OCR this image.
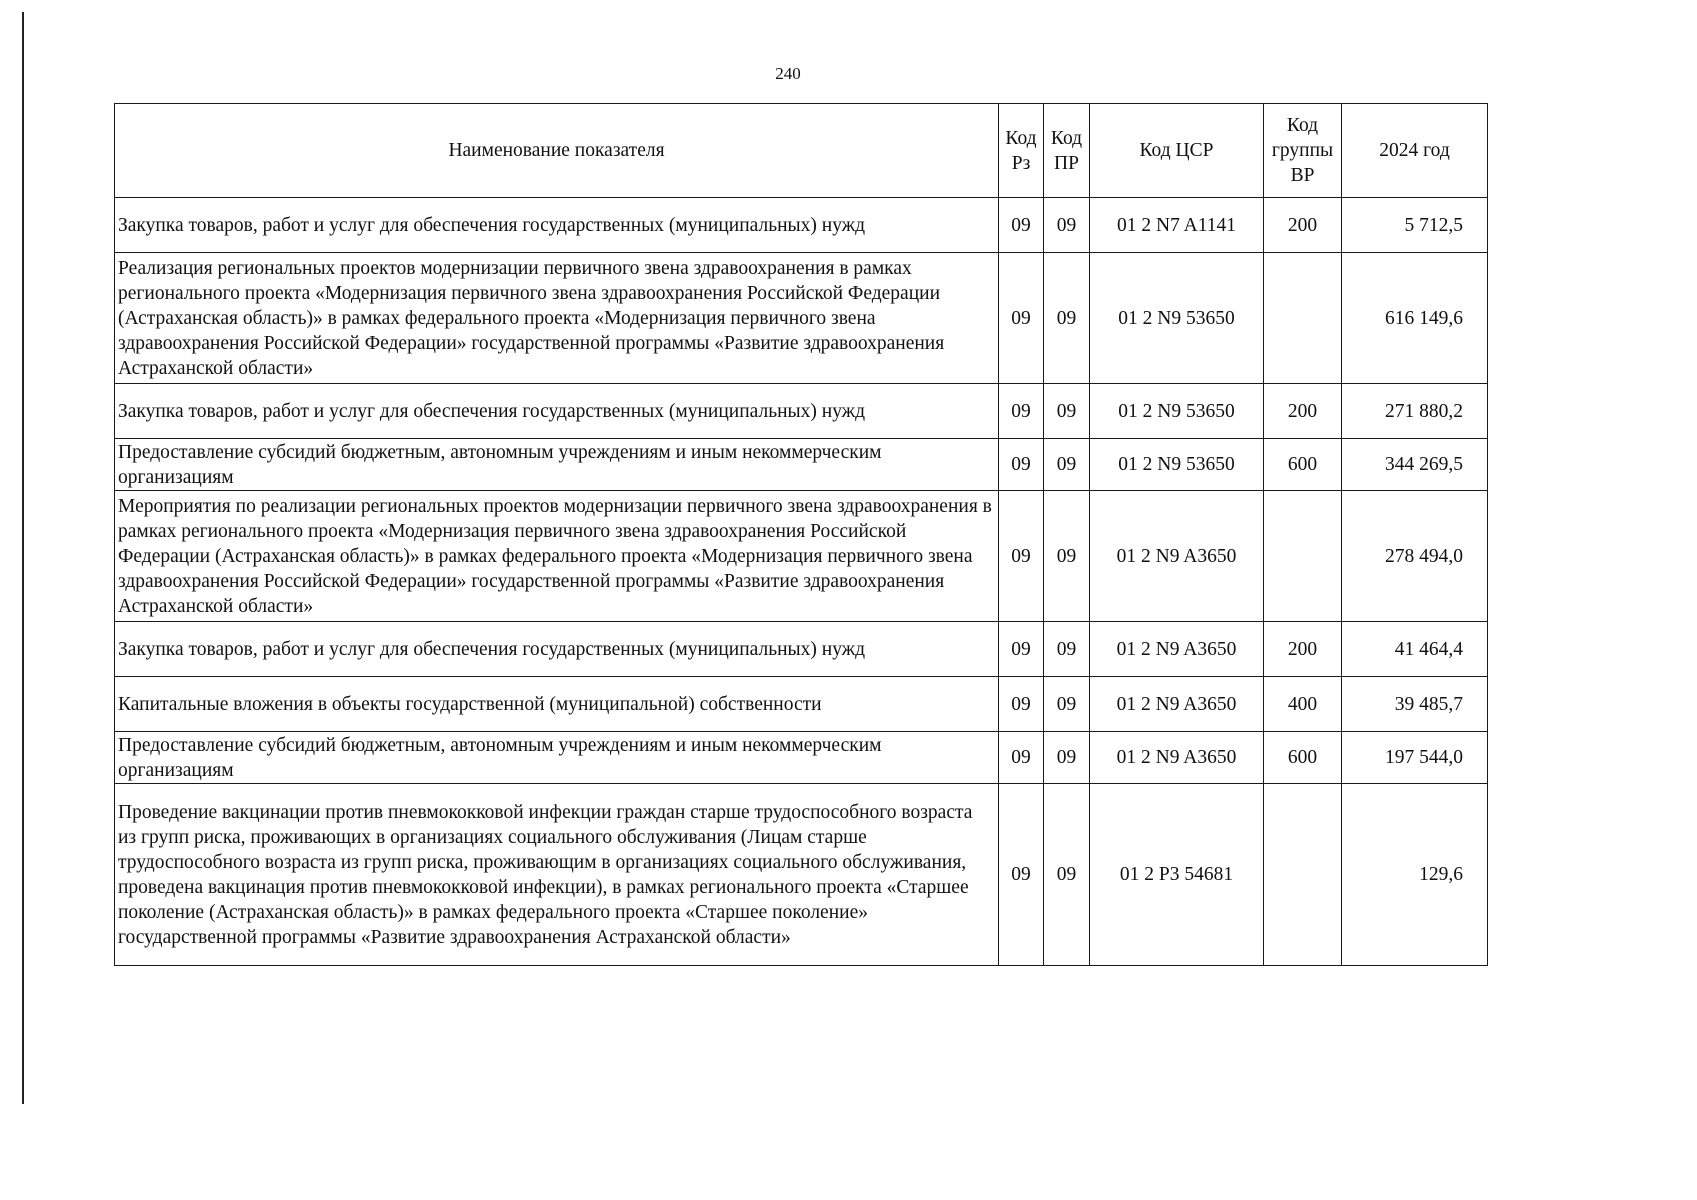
240
Наименование показателя	Код Рз	Код ПР	Код ЦСР	Код группы ВР	2024 год
Закупка товаров, работ и услуг для обеспечения государственных (муниципальных) нужд	09	09	01 2 N7 A1141	200	5 712,5
Реализация региональных проектов модернизации первичного звена здравоохранения в рамках регионального проекта «Модернизация первичного звена здравоохранения Российской Федерации (Астраханская область)» в рамках федерального проекта «Модернизация первичного звена здравоохранения Российской Федерации» государственной программы «Развитие здравоохранения Астраханской области»	09	09	01 2 N9 53650		616 149,6
Закупка товаров, работ и услуг для обеспечения государственных (муниципальных) нужд	09	09	01 2 N9 53650	200	271 880,2
Предоставление субсидий бюджетным, автономным учреждениям и иным некоммерческим организациям	09	09	01 2 N9 53650	600	344 269,5
Мероприятия по реализации региональных проектов модернизации первичного звена здравоохранения в рамках регионального проекта «Модернизация первичного звена здравоохранения Российской Федерации (Астраханская область)» в рамках федерального проекта «Модернизация первичного звена здравоохранения Российской Федерации» государственной программы «Развитие здравоохранения Астраханской области»	09	09	01 2 N9 A3650		278 494,0
Закупка товаров, работ и услуг для обеспечения государственных (муниципальных) нужд	09	09	01 2 N9 A3650	200	41 464,4
Капитальные вложения в объекты государственной (муниципальной) собственности	09	09	01 2 N9 A3650	400	39 485,7
Предоставление субсидий бюджетным, автономным учреждениям и иным некоммерческим организациям	09	09	01 2 N9 A3650	600	197 544,0
Проведение вакцинации против пневмококковой инфекции граждан старше трудоспособного возраста из групп риска, проживающих в организациях социального обслуживания (Лицам старше трудоспособного возраста из групп риска, проживающим в организациях социального обслуживания, проведена вакцинация против пневмококковой инфекции), в рамках регионального проекта «Старшее поколение (Астраханская область)» в рамках федерального проекта «Старшее поколение» государственной программы «Развитие здравоохранения Астраханской области»	09	09	01 2 P3 54681		129,6
